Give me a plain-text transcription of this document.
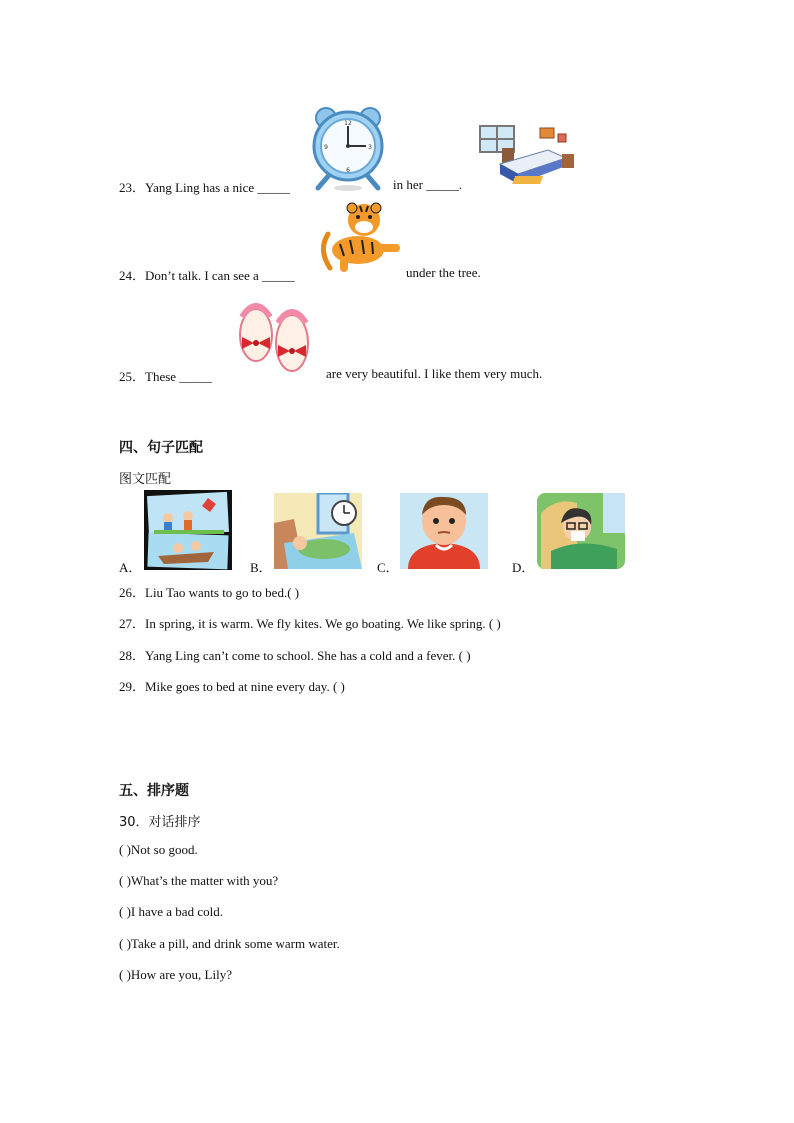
12
3
6
9
23．Yang Ling has a nice _____	in her _____.
24．Don’t talk. I can see a _____	under the tree.
25．These _____	are very beautiful. I like them very much.
四、句子匹配
图文匹配
A．	B．	C．	D．
26．Liu Tao wants to go to bed.( )
27．In spring, it is warm. We fly kites. We go boating. We like spring. ( )
28．Yang Ling can’t come to school. She has a cold and a fever. ( )
29．Mike goes to bed at nine every day. ( )
五、排序题
30．对话排序
( )Not so good.
( )What’s the matter with you?
( )I have a bad cold.
( )Take a pill, and drink some warm water.
( )How are you, Lily?
